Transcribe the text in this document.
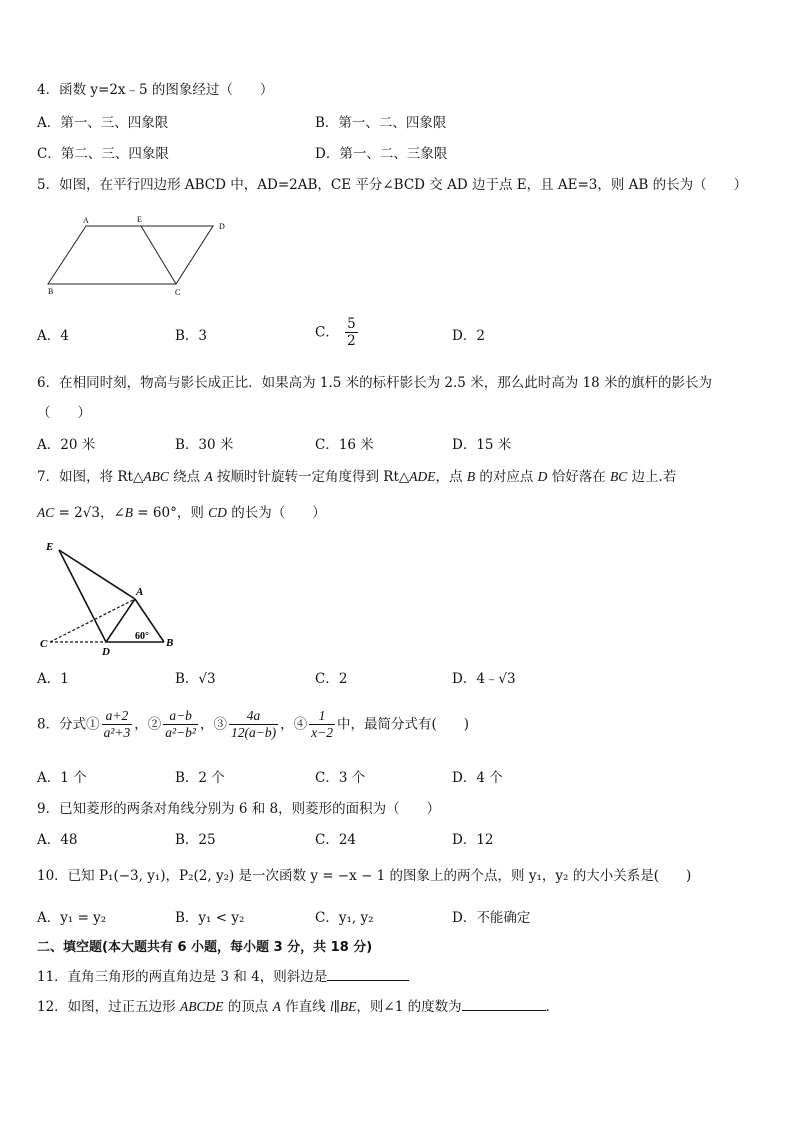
4．函数 y=2x﹣5 的图象经过（　　）
A．第一、三、四象限	B．第一、二、四象限
C．第二、三、四象限	D．第一、二、三象限
5．如图，在平行四边形 ABCD 中，AD=2AB，CE 平分∠BCD 交 AD 边于点 E，且 AE=3，则 AB 的长为（　　）
A	E
D
B	C
A．4	B．3	C． $\frac{5}{2}$	D．2
6．在相同时刻，物高与影长成正比．如果高为 1.5 米的标杆影长为 2.5 米，那么此时高为 18 米的旗杆的影长为
（　　）
A．20 米	B．30 米	C．16 米	D．15 米
7．如图，将 Rt△ABC 绕点 A 按顺时针旋转一定角度得到 Rt△ADE，点 B 的对应点 D 恰好落在 BC 边上.若
AC = 2√3，∠B = 60°，则 CD 的长为（　　）
E
A
C
D
B
60°
A．1	B．√3	C．2	D．4﹣√3
8．分式① $\frac{a+2}{\text{a²+3}}$ ，② $\frac{a-b}{\text{a²−b²}}$ ，③ $\frac{4a}{12(a-b)}$ ，④ $\frac{1}{x-2}$ 中，最简分式有(　　)
A．1 个	B．2 个	C．3 个	D．4 个
9．已知菱形的两条对角线分别为 6 和 8，则菱形的面积为（　　）
A．48	B．25	C．24	D．12
10．已知 P₁(−3, y₁)，P₂(2, y₂) 是一次函数 y = −x − 1 的图象上的两个点，则 y₁，y₂ 的大小关系是(　　)
A．y₁ = y₂	B．y₁ < y₂	C．y₁, y₂	D．不能确定
二、填空题(本大题共有 6 小题，每小题 3 分，共 18 分)
11．直角三角形的两直角边是 3 和 4，则斜边是
12．如图，过正五边形 ABCDE 的顶点 A 作直线 l∥BE，则∠1 的度数为	．
